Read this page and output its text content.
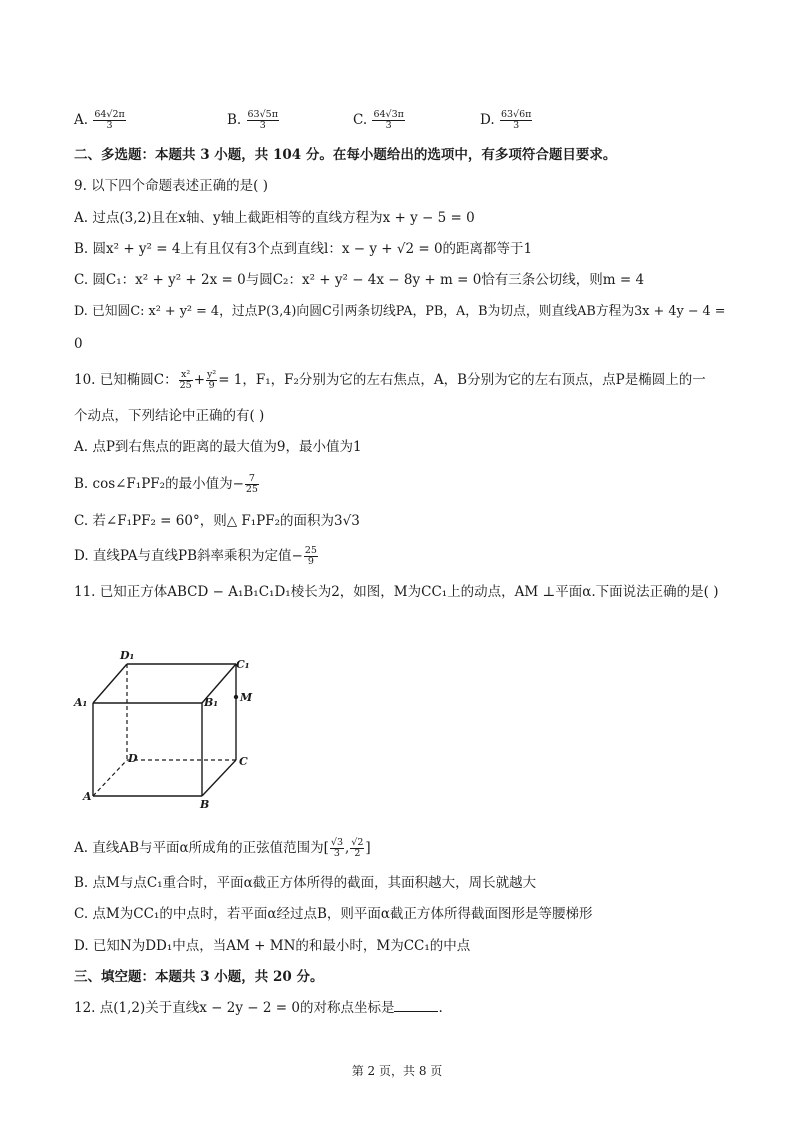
A. $\frac{64√2\pi}{3}$	B. $\frac{63√5\pi}{3}$	C. $\frac{64√3\pi}{3}$	D. $\frac{63√6\pi}{3}$
二、多选题：本题共 3 小题，共 104 分。在每小题给出的选项中，有多项符合题目要求。
9. 以下四个命题表述正确的是( )
A. 过点(3,2)且在x轴、y轴上截距相等的直线方程为x + y − 5 = 0
B. 圆x² + y² = 4上有且仅有3个点到直线l：x − y + √2 = 0的距离都等于1
C. 圆C₁：x² + y² + 2x = 0与圆C₂：x² + y² − 4x − 8y + m = 0恰有三条公切线，则m = 4
D. 已知圆C: x² + y² = 4，过点P(3,4)向圆C引两条切线PA，PB，A，B为切点，则直线AB方程为3x + 4y − 4 =
0
10. 已知椭圆C： $\frac{\text{x²}}{25} + \frac{\text{y²}}{9} = 1$，F₁，F₂分别为它的左右焦点，A，B分别为它的左右顶点，点P是椭圆上的一
个动点，下列结论中正确的有( )
A. 点P到右焦点的距离的最大值为9，最小值为1
B. cos∠F₁PF₂的最小值为− $\frac{7}{25}$
C. 若∠F₁PF₂ = 60°，则△ F₁PF₂的面积为3√3
D. 直线PA与直线PB斜率乘积为定值− $\frac{25}{9}$
11. 已知正方体ABCD − A₁B₁C₁D₁棱长为2，如图，M为CC₁上的动点，AM ⊥平面α.下面说法正确的是( )
D₁
C₁
A₁	B₁ M
D	C
A
B
A. 直线AB与平面α所成角的正弦值范围为[ $\frac{√3}{3}$ , $\frac{√2}{2}$ ]
B. 点M与点C₁重合时，平面α截正方体所得的截面，其面积越大，周长就越大
C. 点M为CC₁的中点时，若平面α经过点B，则平面α截正方体所得截面图形是等腰梯形
D. 已知N为DD₁中点，当AM + MN的和最小时，M为CC₁的中点
三、填空题：本题共 3 小题，共 20 分。
12. 点(1,2)关于直线x − 2y − 2 = 0的对称点坐标是	.
第 2 页，共 8 页
